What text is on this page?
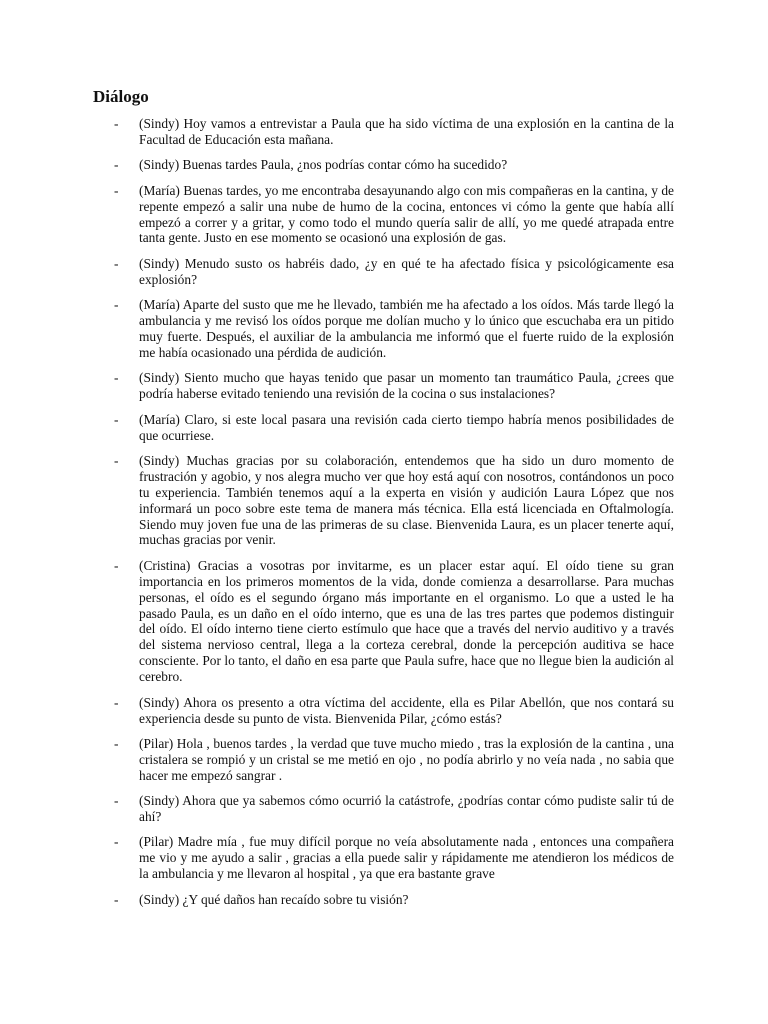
Diálogo
- (Sindy) Hoy vamos a entrevistar a Paula que ha sido víctima de una explosión en la cantina de la Facultad de Educación esta mañana.
- (Sindy) Buenas tardes Paula, ¿nos podrías contar cómo ha sucedido?
- (María) Buenas tardes, yo me encontraba desayunando algo con mis compañeras en la cantina, y de repente empezó a salir una nube de humo de la cocina, entonces vi cómo la gente que había allí empezó a correr y a gritar, y como todo el mundo quería salir de allí, yo me quedé atrapada entre tanta gente. Justo en ese momento se ocasionó una explosión de gas.
- (Sindy) Menudo susto os habréis dado, ¿y en qué te ha afectado física y psicológicamente esa explosión?
- (María) Aparte del susto que me he llevado, también me ha afectado a los oídos. Más tarde llegó la ambulancia y me revisó los oídos porque me dolían mucho y lo único que escuchaba era un pitido muy fuerte. Después, el auxiliar de la ambulancia me informó que el fuerte ruido de la explosión me había ocasionado una pérdida de audición.
- (Sindy) Siento mucho que hayas tenido que pasar un momento tan traumático Paula, ¿crees que podría haberse evitado teniendo una revisión de la cocina o sus instalaciones?
- (María) Claro, si este local pasara una revisión cada cierto tiempo habría menos posibilidades de que ocurriese.
- (Sindy) Muchas gracias por su colaboración, entendemos que ha sido un duro momento de frustración y agobio, y nos alegra mucho ver que hoy está aquí con nosotros, contándonos un poco tu experiencia. También tenemos aquí a la experta en visión y audición Laura López que nos informará un poco sobre este tema de manera más técnica. Ella está licenciada en Oftalmología. Siendo muy joven fue una de las primeras de su clase. Bienvenida Laura, es un placer tenerte aquí, muchas gracias por venir.
- (Cristina) Gracias a vosotras por invitarme, es un placer estar aquí. El oído tiene su gran importancia en los primeros momentos de la vida, donde comienza a desarrollarse. Para muchas personas, el oído es el segundo órgano más importante en el organismo. Lo que a usted le ha pasado Paula, es un daño en el oído interno, que es una de las tres partes que podemos distinguir del oído. El oído interno tiene cierto estímulo que hace que a través del nervio auditivo y a través del sistema nervioso central, llega a la corteza cerebral, donde la percepción auditiva se hace consciente. Por lo tanto, el daño en esa parte que Paula sufre, hace que no llegue bien la audición al cerebro.
- (Sindy) Ahora os presento a otra víctima del accidente, ella es Pilar Abellón, que nos contará su experiencia desde su punto de vista. Bienvenida Pilar, ¿cómo estás?
- (Pilar) Hola , buenos tardes , la verdad que tuve mucho miedo , tras la explosión de la cantina , una cristalera se rompió y un cristal se me metió en ojo , no podía abrirlo y no veía nada , no sabia que hacer me empezó sangrar .
- (Sindy) Ahora que ya sabemos cómo ocurrió la catástrofe, ¿podrías contar cómo pudiste salir tú de ahí?
- (Pilar) Madre mía , fue muy difícil porque no veía absolutamente nada , entonces una compañera me vio y me ayudo a salir , gracias a ella puede salir y rápidamente me atendieron los médicos de la ambulancia y me llevaron al hospital , ya que era bastante grave
- (Sindy) ¿Y qué daños han recaído sobre tu visión?
